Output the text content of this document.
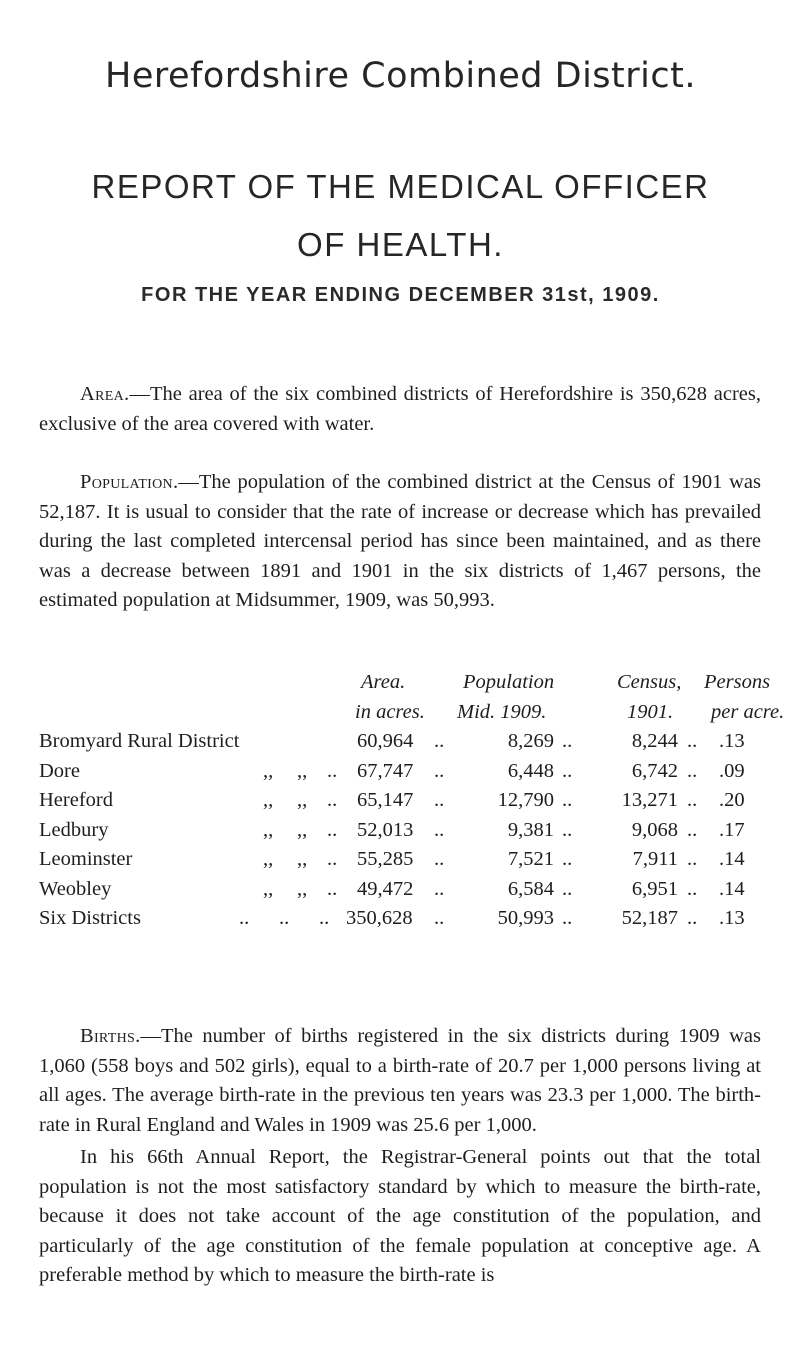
Herefordshire Combined District.
REPORT OF THE MEDICAL OFFICER
OF HEALTH.
FOR THE YEAR ENDING DECEMBER 31st, 1909.

Area.—The area of the six combined districts of Herefordshire is 350,628 acres, exclusive of the area covered with water.

Population.—The population of the combined district at the Census of 1901 was 52,187. It is usual to consider that the rate of increase or decrease which has prevailed during the last completed intercensal period has since been maintained, and as there was a decrease between 1891 and 1901 in the six districts of 1,467 persons, the estimated population at Midsummer, 1909, was 50,993.

Area.	Population	Census, Persons
in acres. Mid. 1909.	1901. per acre.
Bromyard Rural District	60,964 ..	8,269 ..	8,244 .. .13
Dore	,, ,, .. 67,747 ..	6,448 ..	6,742 .. .09
Hereford	,, ,, .. 65,147 ..	12,790 ..	13,271 .. .20
Ledbury	,, ,, .. 52,013 ..	9,381 ..	9,068 .. .17
Leominster	,, ,, .. 55,285 ..	7,521 ..	7,911 .. .14
Weobley	,, ,, .. 49,472 ..	6,584 ..	6,951 .. .14
Six Districts	.. .. .. 350,628 ..	50,993 ..	52,187 .. .13

Births.—The number of births registered in the six districts during 1909 was 1,060 (558 boys and 502 girls), equal to a birth-rate of 20.7 per 1,000 persons living at all ages. The average birth-rate in the previous ten years was 23.3 per 1,000. The birth-rate in Rural England and Wales in 1909 was 25.6 per 1,000.

In his 66th Annual Report, the Registrar-General points out that the total population is not the most satisfactory standard by which to measure the birth-rate, because it does not take account of the age constitution of the population, and particularly of the age constitution of the female population at conceptive age. A preferable method by which to measure the birth-rate is
